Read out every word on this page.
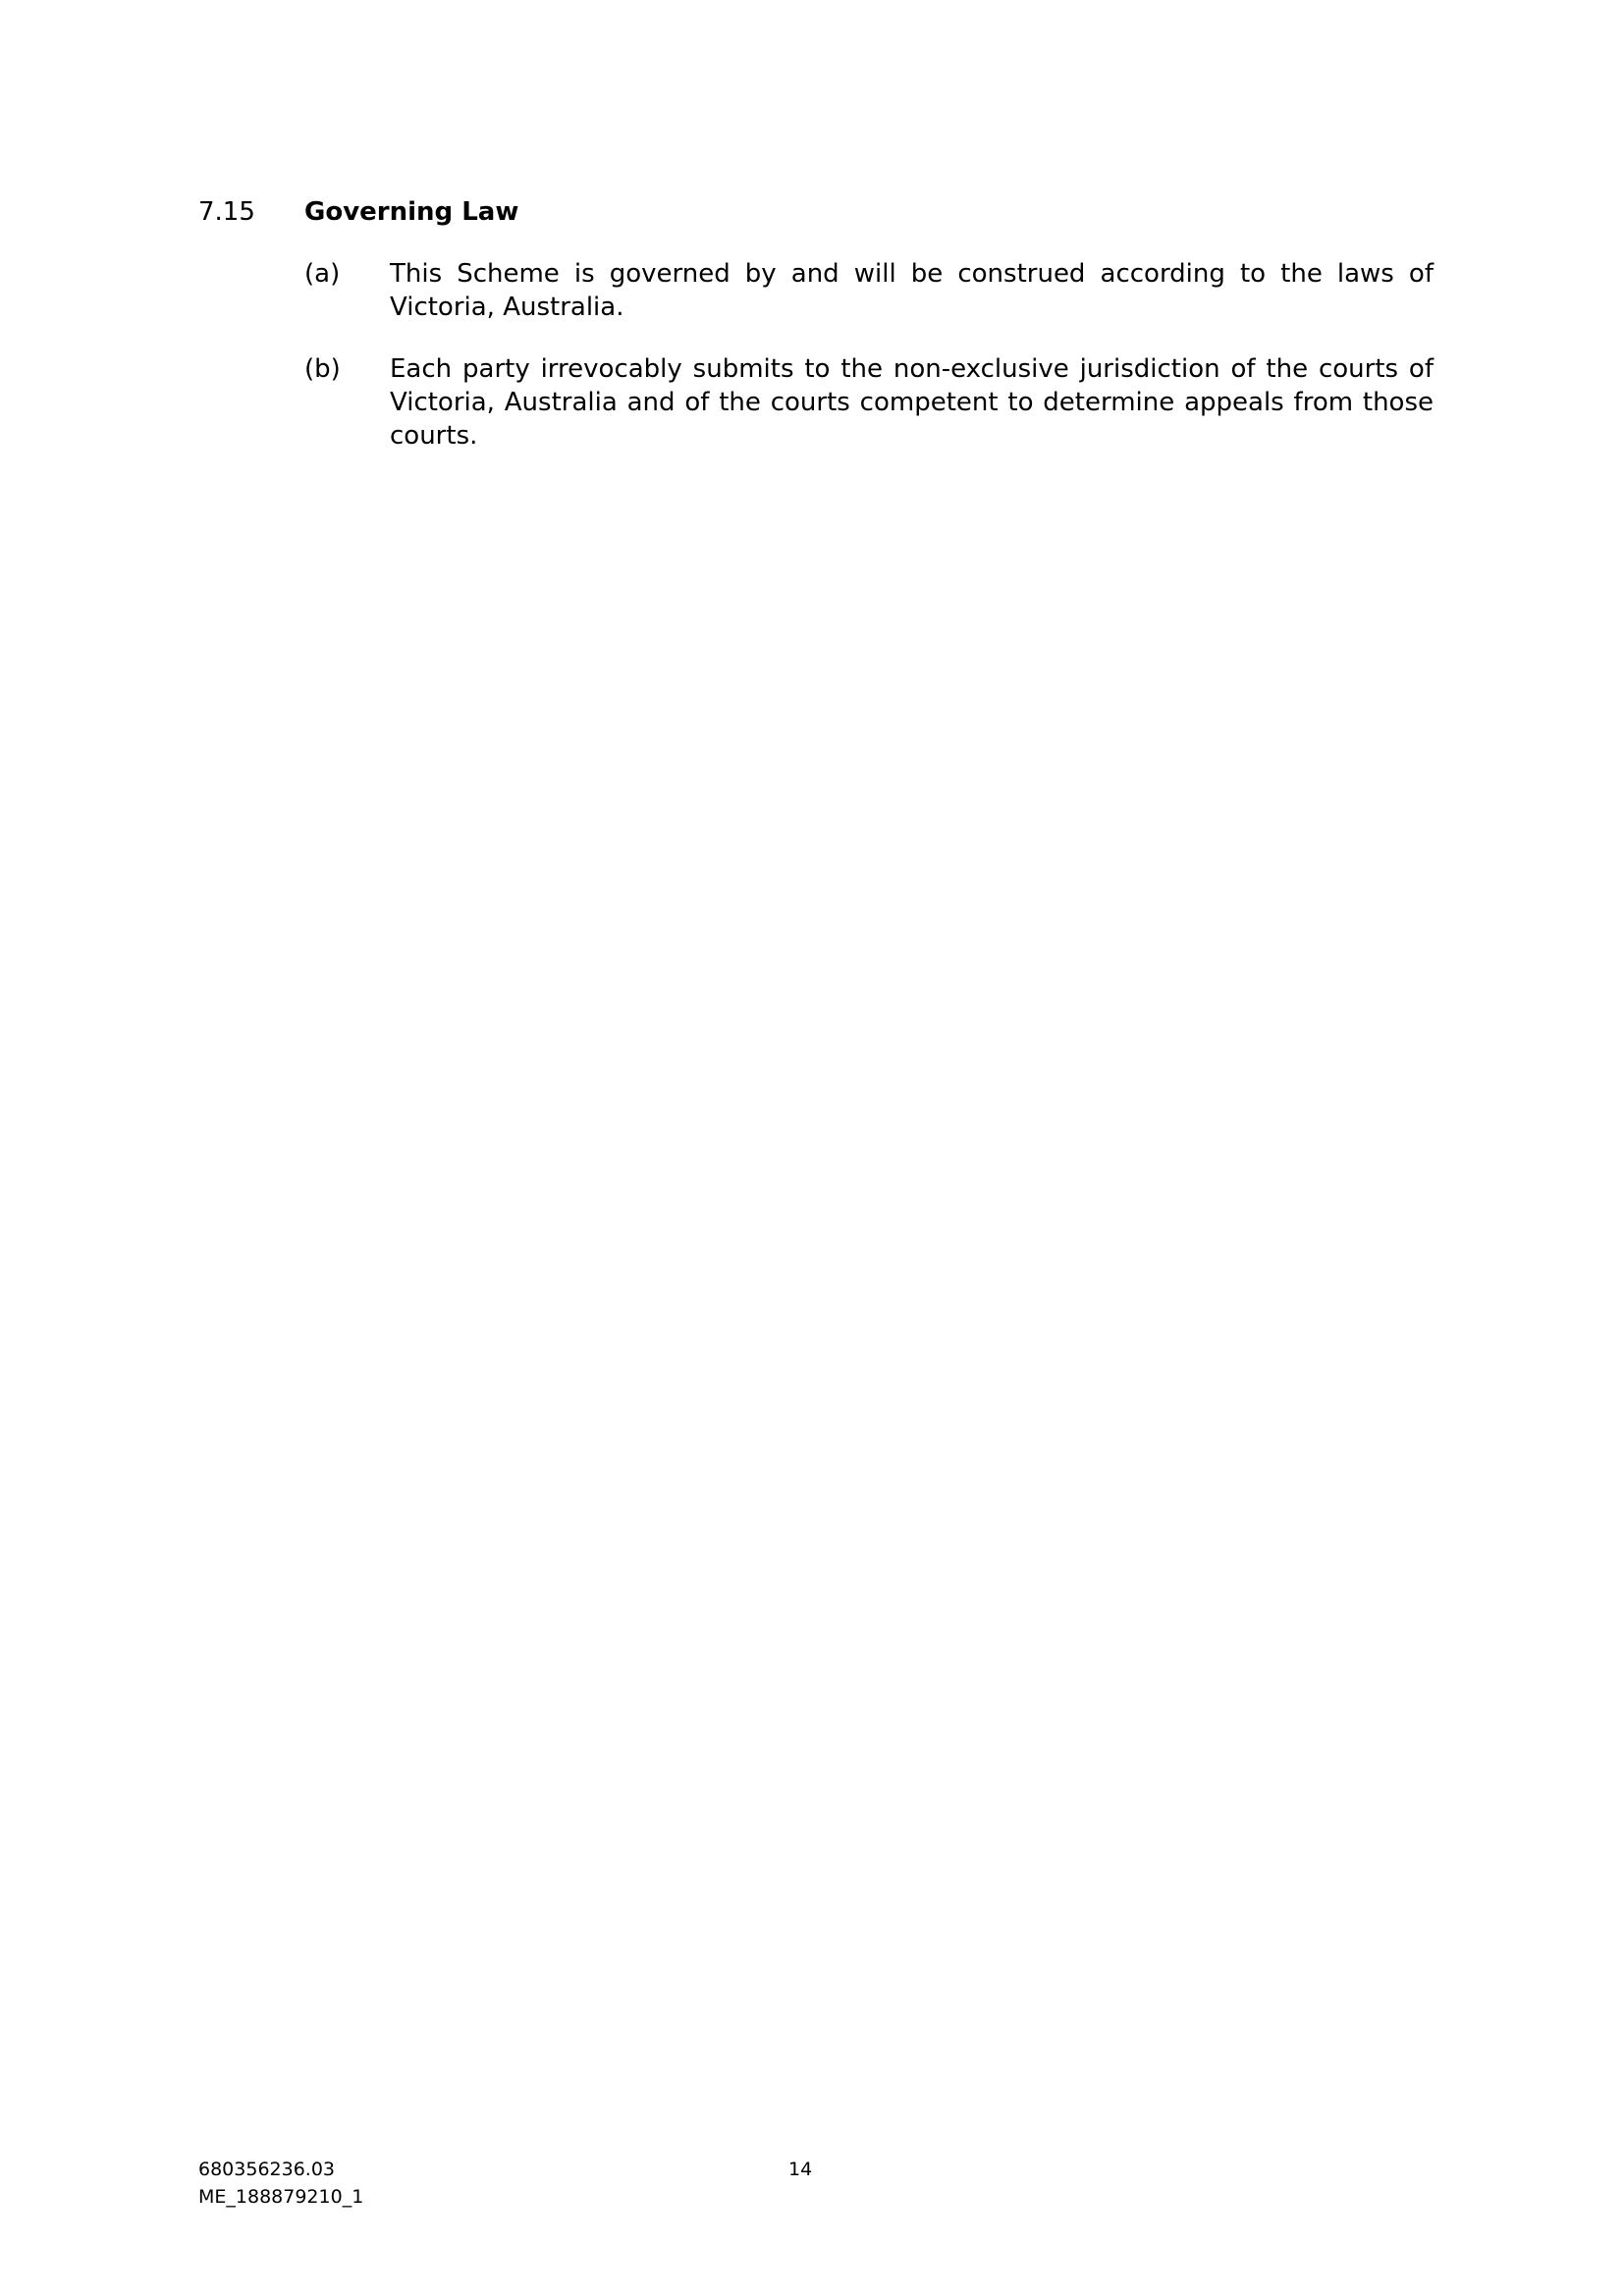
7.15 Governing Law
(a) This Scheme is governed by and will be construed according to the laws of Victoria, Australia.
(b) Each party irrevocably submits to the non-exclusive jurisdiction of the courts of Victoria, Australia and of the courts competent to determine appeals from those courts.
680356236.03
ME_188879210_1
14
